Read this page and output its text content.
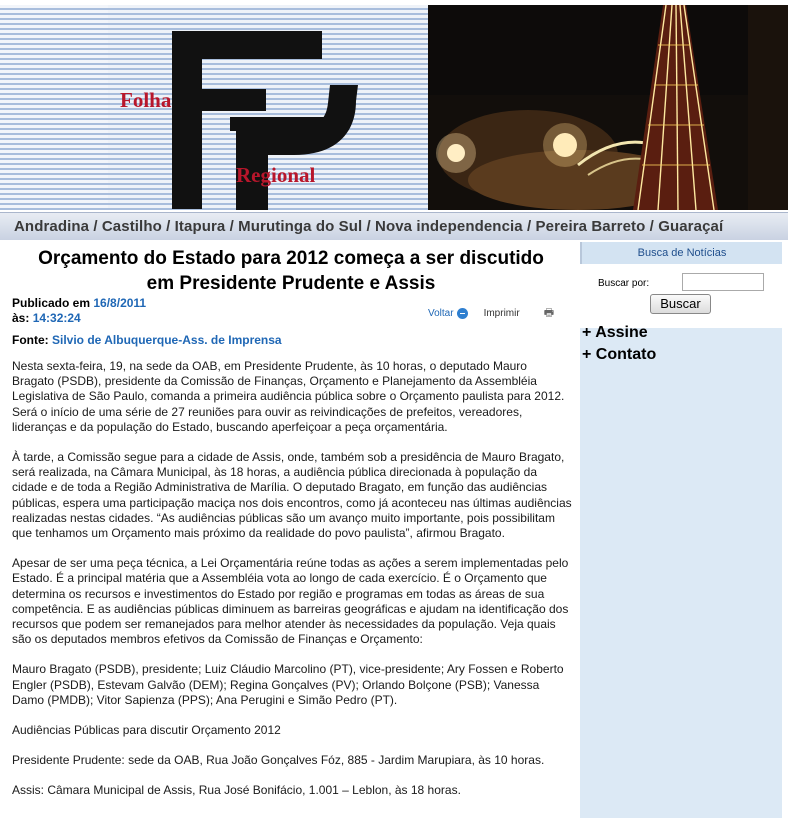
Folha
Regional
Andradina / Castilho / Itapura / Murutinga do Sul / Nova independencia / Pereira Barreto / Guaraçaí
Orçamento do Estado para 2012 começa a ser discutido
em Presidente Prudente e Assis
Publicado em 16/8/2011
às: 14:32:24	Voltar	Imprimir 🖶
Fonte: Silvio de Albuquerque-Ass. de Imprensa

Nesta sexta-feira, 19, na sede da OAB, em Presidente Prudente, às 10 horas, o deputado Mauro Bragato (PSDB), presidente da Comissão de Finanças, Orçamento e Planejamento da Assembléia Legislativa de São Paulo, comanda a primeira audiência pública sobre o Orçamento paulista para 2012. Será o início de uma série de 27 reuniões para ouvir as reivindicações de prefeitos, vereadores, lideranças e da população do Estado, buscando aperfeiçoar a peça orçamentária.

À tarde, a Comissão segue para a cidade de Assis, onde, também sob a presidência de Mauro Bragato, será realizada, na Câmara Municipal, às 18 horas, a audiência pública direcionada à população da cidade e de toda a Região Administrativa de Marília. O deputado Bragato, em função das audiências públicas, espera uma participação maciça nos dois encontros, como já aconteceu nas últimas audiências realizadas nestas cidades. “As audiências públicas são um avanço muito importante, pois possibilitam que tenhamos um Orçamento mais próximo da realidade do povo paulista”, afirmou Bragato.

Apesar de ser uma peça técnica, a Lei Orçamentária reúne todas as ações a serem implementadas pelo Estado. É a principal matéria que a Assembléia vota ao longo de cada exercício. É o Orçamento que determina os recursos e investimentos do Estado por região e programas em todas as áreas de sua competência. E as audiências públicas diminuem as barreiras geográficas e ajudam na identificação dos recursos que podem ser remanejados para melhor atender às necessidades da população. Veja quais são os deputados membros efetivos da Comissão de Finanças e Orçamento:

Mauro Bragato (PSDB), presidente; Luiz Cláudio Marcolino (PT), vice-presidente; Ary Fossen e Roberto Engler (PSDB), Estevam Galvão (DEM); Regina Gonçalves (PV); Orlando Bolçone (PSB); Vanessa Damo (PMDB); Vitor Sapienza (PPS); Ana Perugini e Simão Pedro (PT).

Audiências Públicas para discutir Orçamento 2012

Presidente Prudente: sede da OAB, Rua João Gonçalves Fóz, 885 - Jardim Marupiara, às 10 horas.

Assis: Câmara Municipal de Assis, Rua José Bonifácio, 1.001 – Leblon, às 18 horas.

Busca de Notícias
Buscar por:
Buscar
+ Assine
+ Contato
